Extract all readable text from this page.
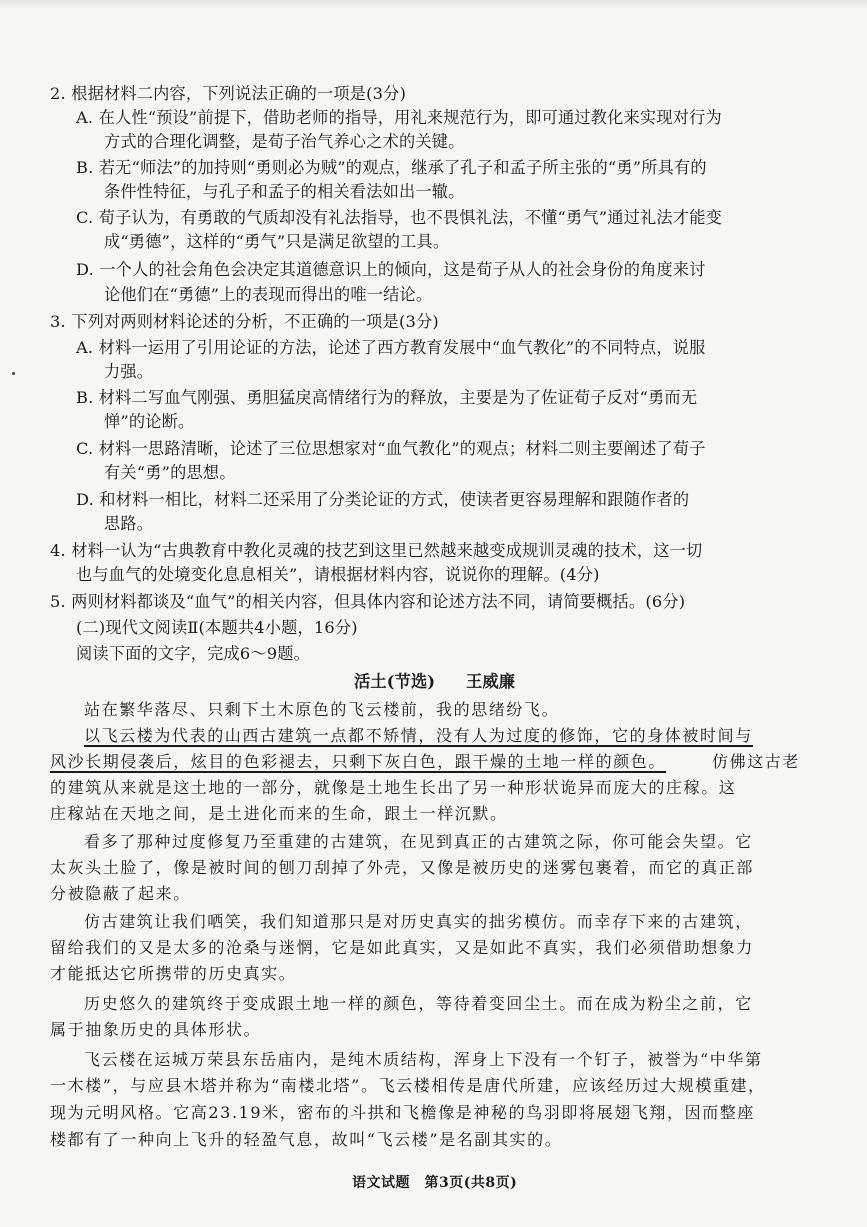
2. 根据材料二内容，下列说法正确的一项是(3分)
A. 在人性“预设”前提下，借助老师的指导，用礼来规范行为，即可通过教化来实现对行为
方式的合理化调整，是荀子治气养心之术的关键。
B. 若无“师法”的加持则“勇则必为贼”的观点，继承了孔子和孟子所主张的“勇”所具有的
条件性特征，与孔子和孟子的相关看法如出一辙。
C. 荀子认为，有勇敢的气质却没有礼法指导，也不畏惧礼法，不懂“勇气”通过礼法才能变
成“勇德”，这样的“勇气”只是满足欲望的工具。
D. 一个人的社会角色会决定其道德意识上的倾向，这是荀子从人的社会身份的角度来讨
论他们在“勇德”上的表现而得出的唯一结论。
3. 下列对两则材料论述的分析，不正确的一项是(3分)
A. 材料一运用了引用论证的方法，论述了西方教育发展中“血气教化”的不同特点，说服
力强。
B. 材料二写血气刚强、勇胆猛戾高情绪行为的释放，主要是为了佐证荀子反对“勇而无
惮”的论断。
C. 材料一思路清晰，论述了三位思想家对“血气教化”的观点；材料二则主要阐述了荀子
有关“勇”的思想。
D. 和材料一相比，材料二还采用了分类论证的方式，使读者更容易理解和跟随作者的
思路。
4. 材料一认为“古典教育中教化灵魂的技艺到这里已然越来越变成规训灵魂的技术，这一切
也与血气的处境变化息息相关”，请根据材料内容，说说你的理解。(4分)
5. 两则材料都谈及“血气”的相关内容，但具体内容和论述方法不同，请简要概括。(6分)
(二)现代文阅读Ⅱ(本题共4小题，16分)
阅读下面的文字，完成6～9题。
活土(节选) 王威廉
站在繁华落尽、只剩下土木原色的飞云楼前，我的思绪纷飞。
以飞云楼为代表的山西古建筑一点都不矫情，没有人为过度的修饰，它的身体被时间与
风沙长期侵袭后，炫目的色彩褪去，只剩下灰白色，跟干燥的土地一样的颜色。	仿佛这古老
的建筑从来就是这土地的一部分，就像是土地生长出了另一种形状诡异而庞大的庄稼。这
庄稼站在天地之间，是土进化而来的生命，跟土一样沉默。
看多了那种过度修复乃至重建的古建筑，在见到真正的古建筑之际，你可能会失望。它
太灰头土脸了，像是被时间的刨刀刮掉了外壳，又像是被历史的迷雾包裹着，而它的真正部
分被隐蔽了起来。
仿古建筑让我们哂笑，我们知道那只是对历史真实的拙劣模仿。而幸存下来的古建筑，
留给我们的又是太多的沧桑与迷惘，它是如此真实，又是如此不真实，我们必须借助想象力
才能抵达它所携带的历史真实。
历史悠久的建筑终于变成跟土地一样的颜色，等待着变回尘土。而在成为粉尘之前，它
属于抽象历史的具体形状。
飞云楼在运城万荣县东岳庙内，是纯木质结构，浑身上下没有一个钉子，被誉为“中华第
一木楼”，与应县木塔并称为“南楼北塔”。飞云楼相传是唐代所建，应该经历过大规模重建，
现为元明风格。它高23.19米，密布的斗拱和飞檐像是神秘的鸟羽即将展翅飞翔，因而整座
楼都有了一种向上飞升的轻盈气息，故叫“飞云楼”是名副其实的。
语文试题　第3页(共8页)
